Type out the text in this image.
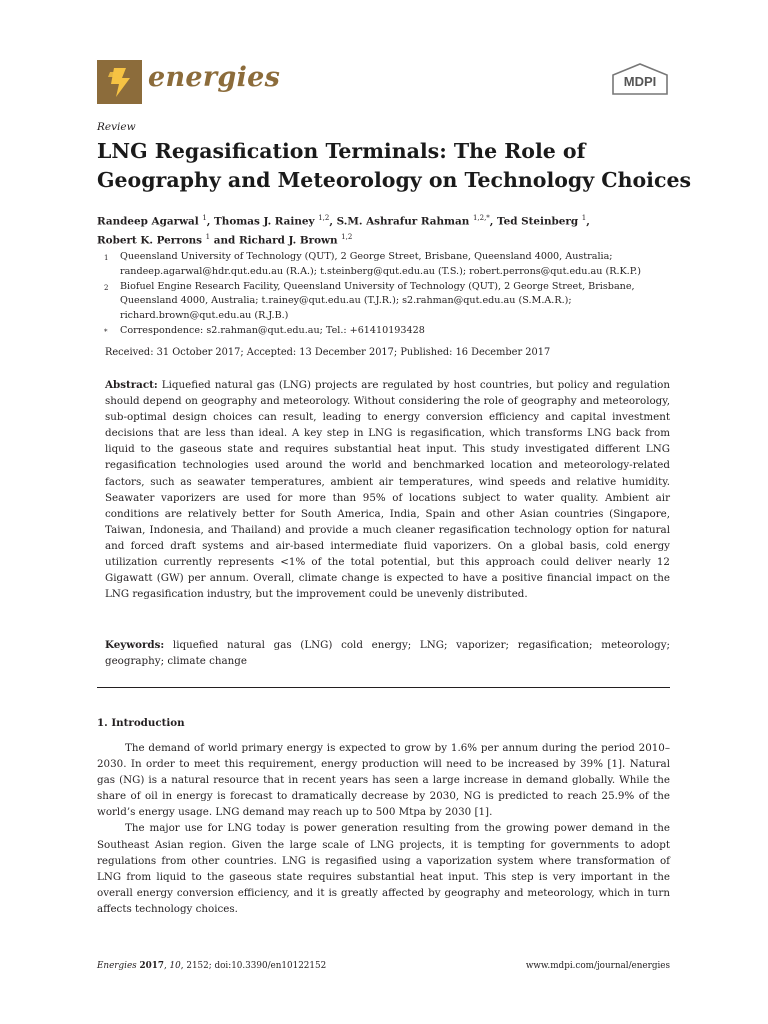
energies	MDPI
Review
LNG Regasification Terminals: The Role of
Geography and Meteorology on Technology Choices
Randeep Agarwal $^1$, Thomas J. Rainey $^{1,2}$, S.M. Ashrafur Rahman $^{1,2,*}$, Ted Steinberg $^1$,
Robert K. Perrons $^1$ and Richard J. Brown $^{1,2}$
1	Queensland University of Technology (QUT), 2 George Street, Brisbane, Queensland 4000, Australia;
randeep.agarwal@hdr.qut.edu.au (R.A.); t.steinberg@qut.edu.au (T.S.); robert.perrons@qut.edu.au (R.K.P.)
2	Biofuel Engine Research Facility, Queensland University of Technology (QUT), 2 George Street, Brisbane,
Queensland 4000, Australia; t.rainey@qut.edu.au (T.J.R.); s2.rahman@qut.edu.au (S.M.A.R.);
richard.brown@qut.edu.au (R.J.B.)
*	Correspondence: s2.rahman@qut.edu.au; Tel.: +61410193428
Received: 31 October 2017; Accepted: 13 December 2017; Published: 16 December 2017
Abstract: Liquefied natural gas (LNG) projects are regulated by host countries, but policy and regulation should depend on geography and meteorology. Without considering the role of geography and meteorology, sub-optimal design choices can result, leading to energy conversion efficiency and capital investment decisions that are less than ideal. A key step in LNG is regasification, which transforms LNG back from liquid to the gaseous state and requires substantial heat input. This study investigated different LNG regasification technologies used around the world and benchmarked location and meteorology-related factors, such as seawater temperatures, ambient air temperatures, wind speeds and relative humidity. Seawater vaporizers are used for more than 95% of locations subject to water quality. Ambient air conditions are relatively better for South America, India, Spain and other Asian countries (Singapore, Taiwan, Indonesia, and Thailand) and provide a much cleaner regasification technology option for natural and forced draft systems and air-based intermediate fluid vaporizers. On a global basis, cold energy utilization currently represents <1% of the total potential, but this approach could deliver nearly 12 Gigawatt (GW) per annum. Overall, climate change is expected to have a positive financial impact on the LNG regasification industry, but the improvement could be unevenly distributed.
Keywords: liquefied natural gas (LNG) cold energy; LNG; vaporizer; regasification; meteorology; geography; climate change
1. Introduction

The demand of world primary energy is expected to grow by 1.6% per annum during the period 2010–2030. In order to meet this requirement, energy production will need to be increased by 39% [1]. Natural gas (NG) is a natural resource that in recent years has seen a large increase in demand globally. While the share of oil in energy is forecast to dramatically decrease by 2030, NG is predicted to reach 25.9% of the world’s energy usage. LNG demand may reach up to 500 Mtpa by 2030 [1].

The major use for LNG today is power generation resulting from the growing power demand in the Southeast Asian region. Given the large scale of LNG projects, it is tempting for governments to adopt regulations from other countries. LNG is regasified using a vaporization system where transformation of LNG from liquid to the gaseous state requires substantial heat input. This step is very important in the overall energy conversion efficiency, and it is greatly affected by geography and meteorology, which in turn affects technology choices.

Energies 2017, 10, 2152; doi:10.3390/en10122152	www.mdpi.com/journal/energies
